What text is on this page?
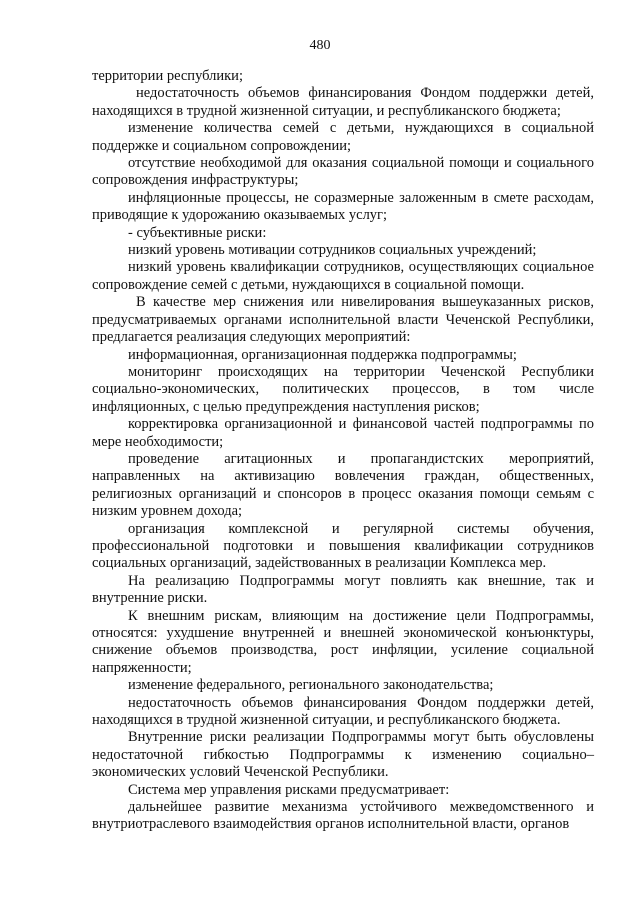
480

территории республики;

недостаточность объемов финансирования Фондом поддержки детей, находящихся в трудной жизненной ситуации, и республиканского бюджета;

изменение количества семей с детьми, нуждающихся в социальной поддержке и социальном сопровождении;

отсутствие необходимой для оказания социальной помощи и социального сопровождения инфраструктуры;

инфляционные процессы, не соразмерные заложенным в смете расходам, приводящие к удорожанию оказываемых услуг;

- субъективные риски:

низкий уровень мотивации сотрудников социальных учреждений;

низкий уровень квалификации сотрудников, осуществляющих социальное сопровождение семей с детьми, нуждающихся в социальной помощи.

В качестве мер снижения или нивелирования вышеуказанных рисков, предусматриваемых органами исполнительной власти Чеченской Республики, предлагается реализация следующих мероприятий:

информационная, организационная поддержка подпрограммы;

мониторинг происходящих на территории Чеченской Республики социально-экономических, политических процессов, в том числе инфляционных, с целью предупреждения наступления рисков;

корректировка организационной и финансовой частей подпрограммы по мере необходимости;

проведение агитационных и пропагандистских мероприятий, направленных на активизацию вовлечения граждан, общественных, религиозных организаций и спонсоров в процесс оказания помощи семьям с низким уровнем дохода;

организация комплексной и регулярной системы обучения, профессиональной подготовки и повышения квалификации сотрудников социальных организаций, задействованных в реализации Комплекса мер.

На реализацию Подпрограммы могут повлиять как внешние, так и внутренние риски.

К внешним рискам, влияющим на достижение цели Подпрограммы, относятся: ухудшение внутренней и внешней экономической конъюнктуры, снижение объемов производства, рост инфляции, усиление социальной напряженности;

изменение федерального, регионального законодательства;

недостаточность объемов финансирования Фондом поддержки детей, находящихся в трудной жизненной ситуации, и республиканского бюджета.

Внутренние риски реализации Подпрограммы могут быть обусловлены недостаточной гибкостью Подпрограммы к изменению социально–экономических условий Чеченской Республики.

Система мер управления рисками предусматривает:

дальнейшее развитие механизма устойчивого межведомственного и внутриотраслевого взаимодействия органов исполнительной власти, органов
